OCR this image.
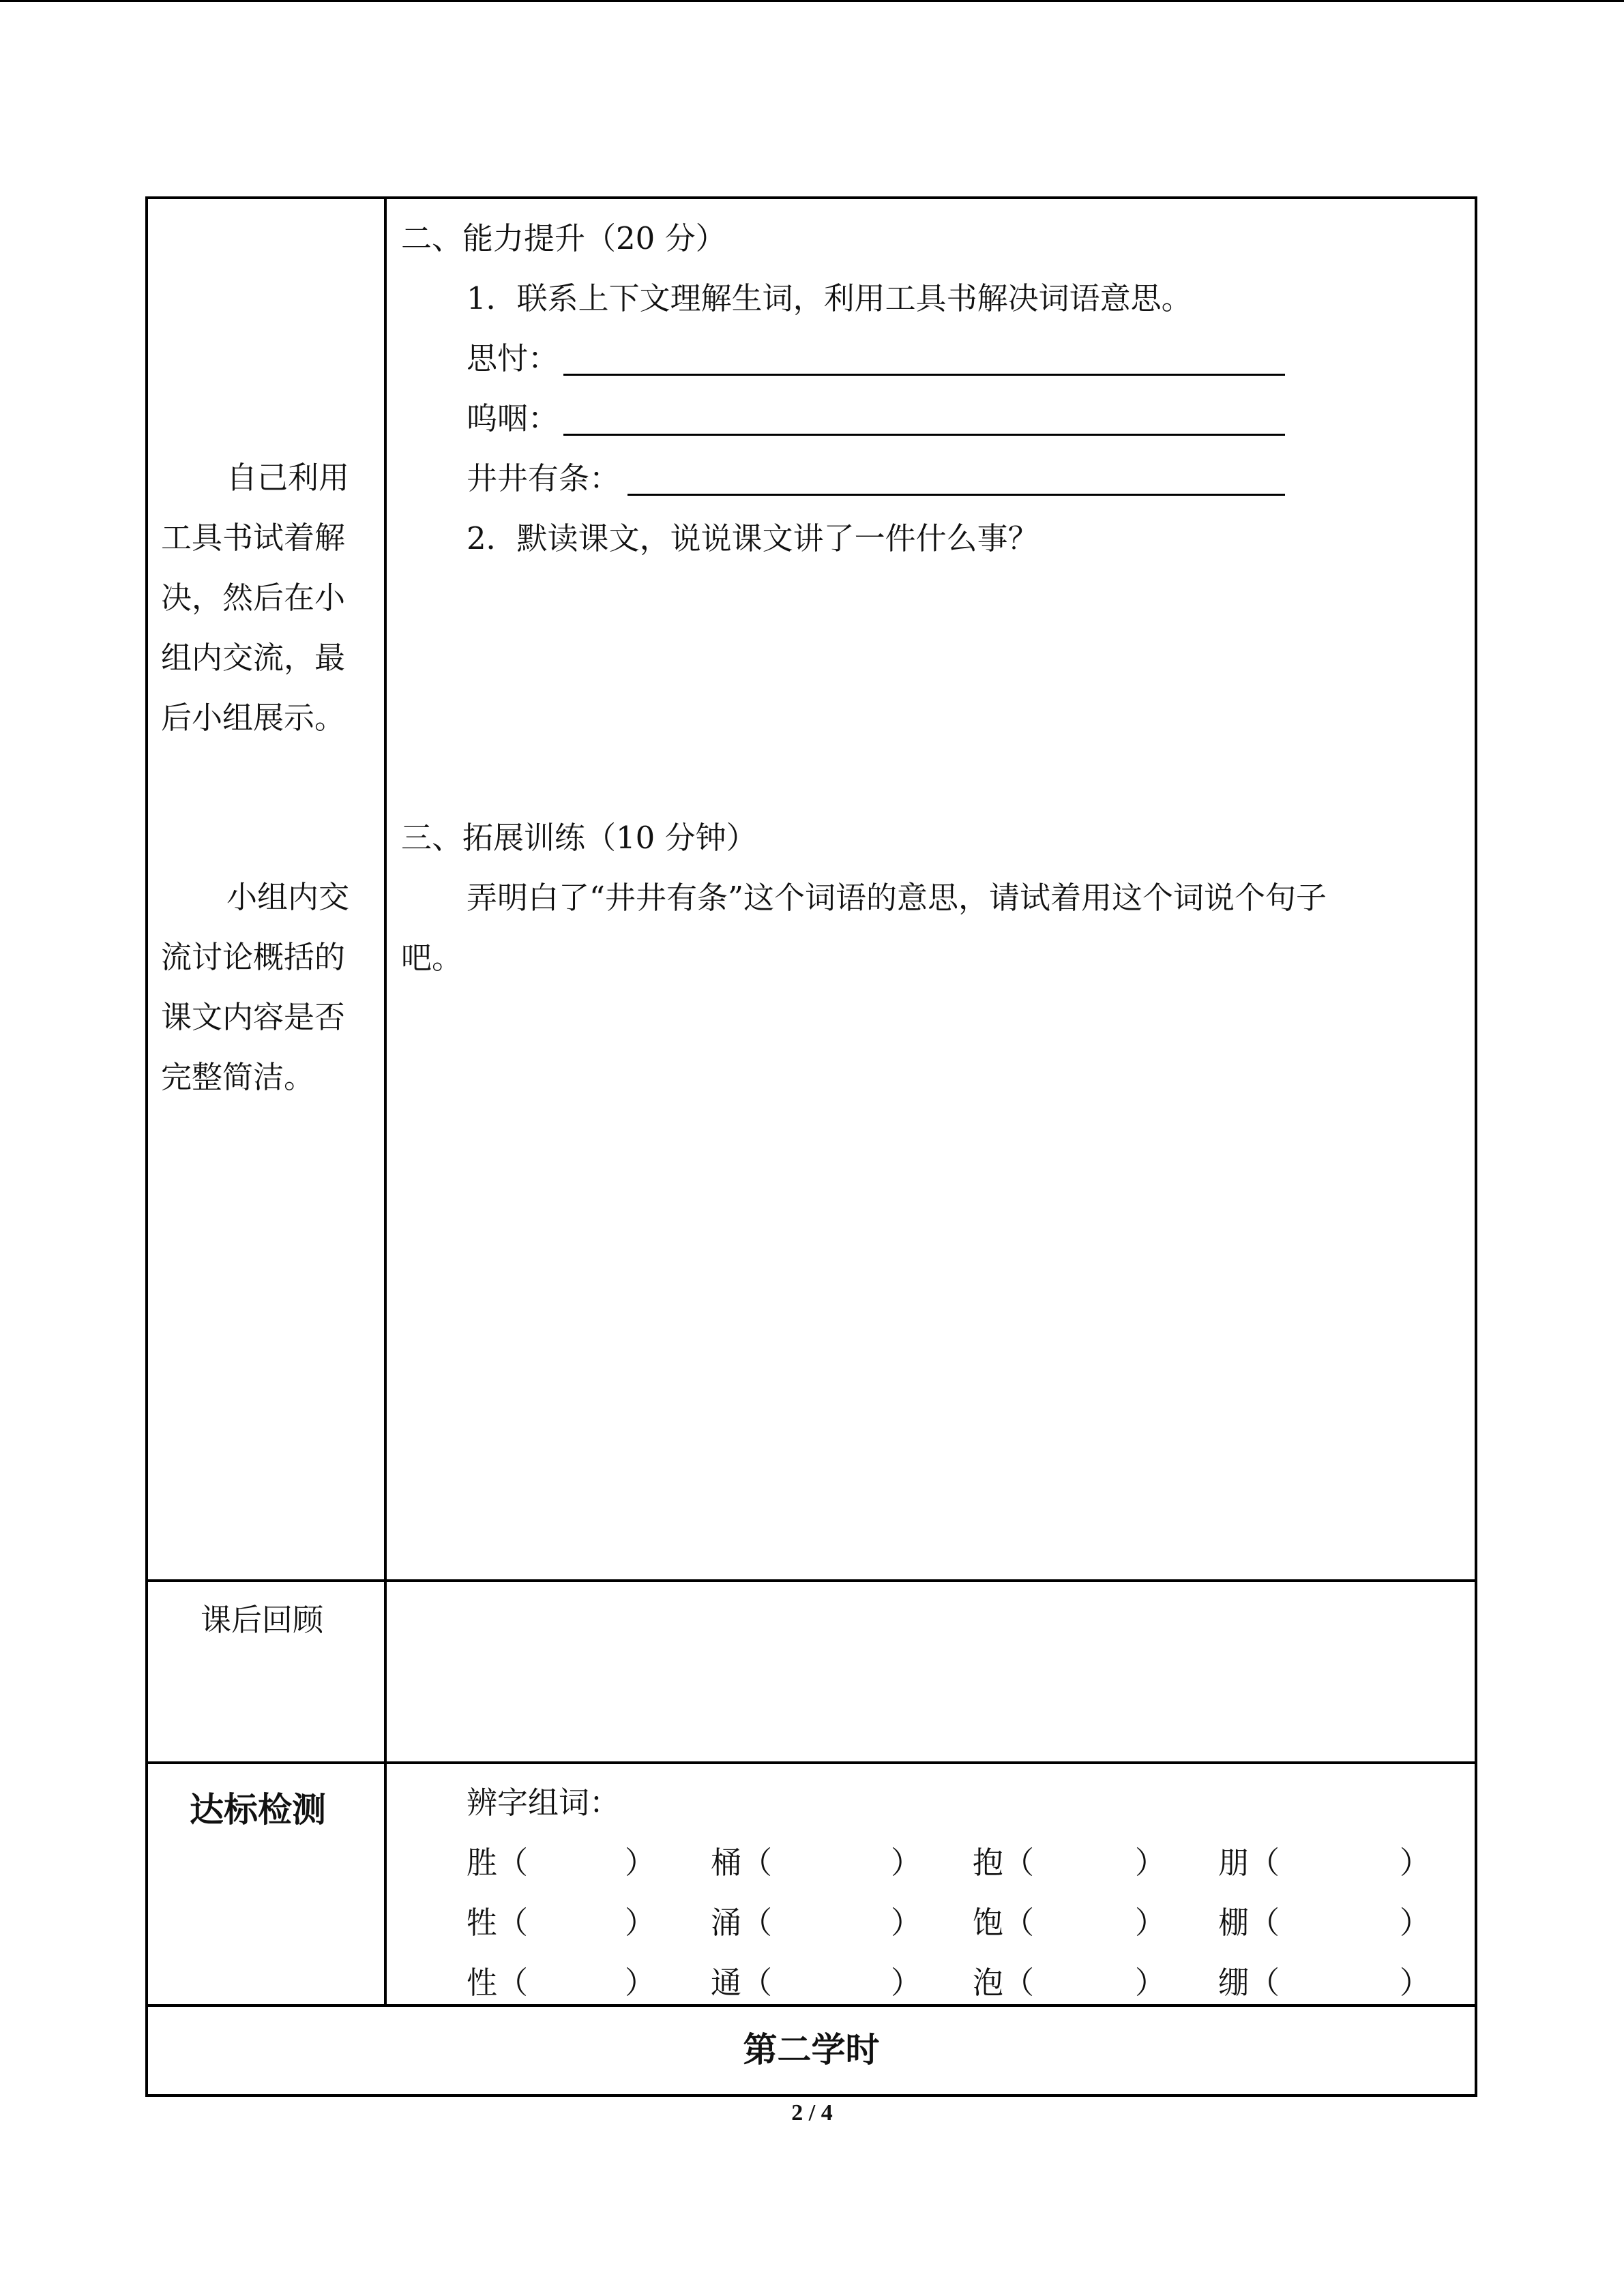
自己利用
工具书试着解
决，然后在小
组内交流，最
后小组展示。
小组内交
流讨论概括的
课文内容是否
完整简洁。
二、能力提升（20 分）
1．联系上下文理解生词，利用工具书解决词语意思。
思忖：
呜咽：
井井有条：
2．默读课文，说说课文讲了一件什么事？
三、拓展训练（10 分钟）
弄明白了“井井有条”这个词语的意思，请试着用这个词说个句子
吧。
课后回顾
达标检测	辨字组词：
胜（	） 桶（	） 抱（	） 朋（	）
牲（	） 涌（	） 饱（	） 棚（	）
性（	） 通（	） 泡（	） 绷（	）
第二学时
2 / 4
